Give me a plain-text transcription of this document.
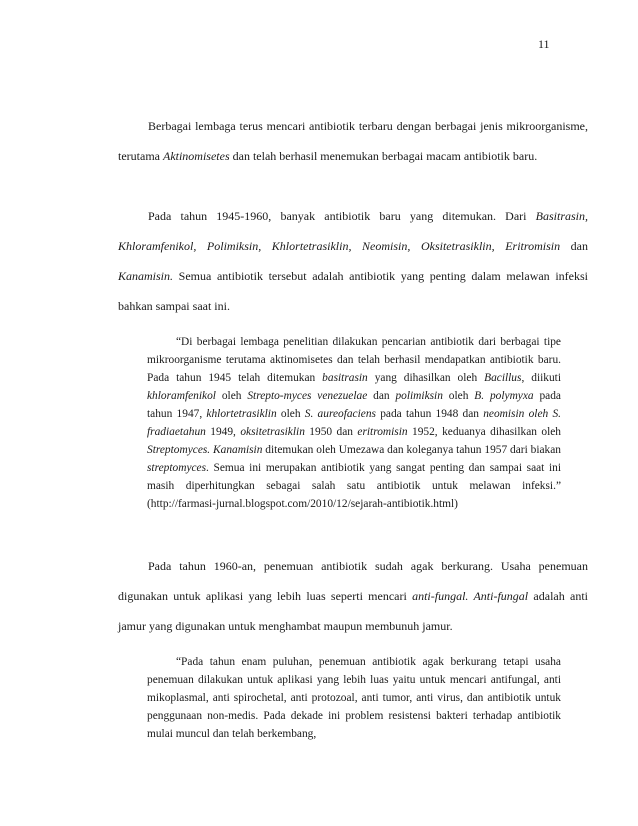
11

Berbagai lembaga terus mencari antibiotik terbaru dengan berbagai jenis mikroorganisme, terutama Aktinomisetes dan telah berhasil menemukan berbagai macam antibiotik baru.

Pada tahun 1945-1960, banyak antibiotik baru yang ditemukan. Dari Basitrasin, Khloramfenikol, Polimiksin, Khlortetrasiklin, Neomisin, Oksitetrasiklin, Eritromisin dan Kanamisin. Semua antibiotik tersebut adalah antibiotik yang penting dalam melawan infeksi bahkan sampai saat ini.

“Di berbagai lembaga penelitian dilakukan pencarian antibiotik dari berbagai tipe mikroorganisme terutama aktinomisetes dan telah berhasil mendapatkan antibiotik baru. Pada tahun 1945 telah ditemukan basitrasin yang dihasilkan oleh Bacillus, diikuti khloramfenikol oleh Strepto-myces venezuelae dan polimiksin oleh B. polymyxa pada tahun 1947, khlortetrasiklin oleh S. aureofaciens pada tahun 1948 dan neomisin oleh S. fradiaetahun 1949, oksitetrasiklin 1950 dan eritromisin 1952, keduanya dihasilkan oleh Streptomyces. Kanamisin ditemukan oleh Umezawa dan koleganya tahun 1957 dari biakan streptomyces. Semua ini merupakan antibiotik yang sangat penting dan sampai saat ini masih diperhitungkan sebagai salah satu antibiotik untuk melawan infeksi.” (http://farmasi-jurnal.blogspot.com/2010/12/sejarah-antibiotik.html)

Pada tahun 1960-an, penemuan antibiotik sudah agak berkurang. Usaha penemuan digunakan untuk aplikasi yang lebih luas seperti mencari anti-fungal. Anti-fungal adalah anti jamur yang digunakan untuk menghambat maupun membunuh jamur.

“Pada tahun enam puluhan, penemuan antibiotik agak berkurang tetapi usaha penemuan dilakukan untuk aplikasi yang lebih luas yaitu untuk mencari antifungal, anti mikoplasmal, anti spirochetal, anti protozoal, anti tumor, anti virus, dan antibiotik untuk penggunaan non-medis. Pada dekade ini problem resistensi bakteri terhadap antibiotik mulai muncul dan telah berkembang,
